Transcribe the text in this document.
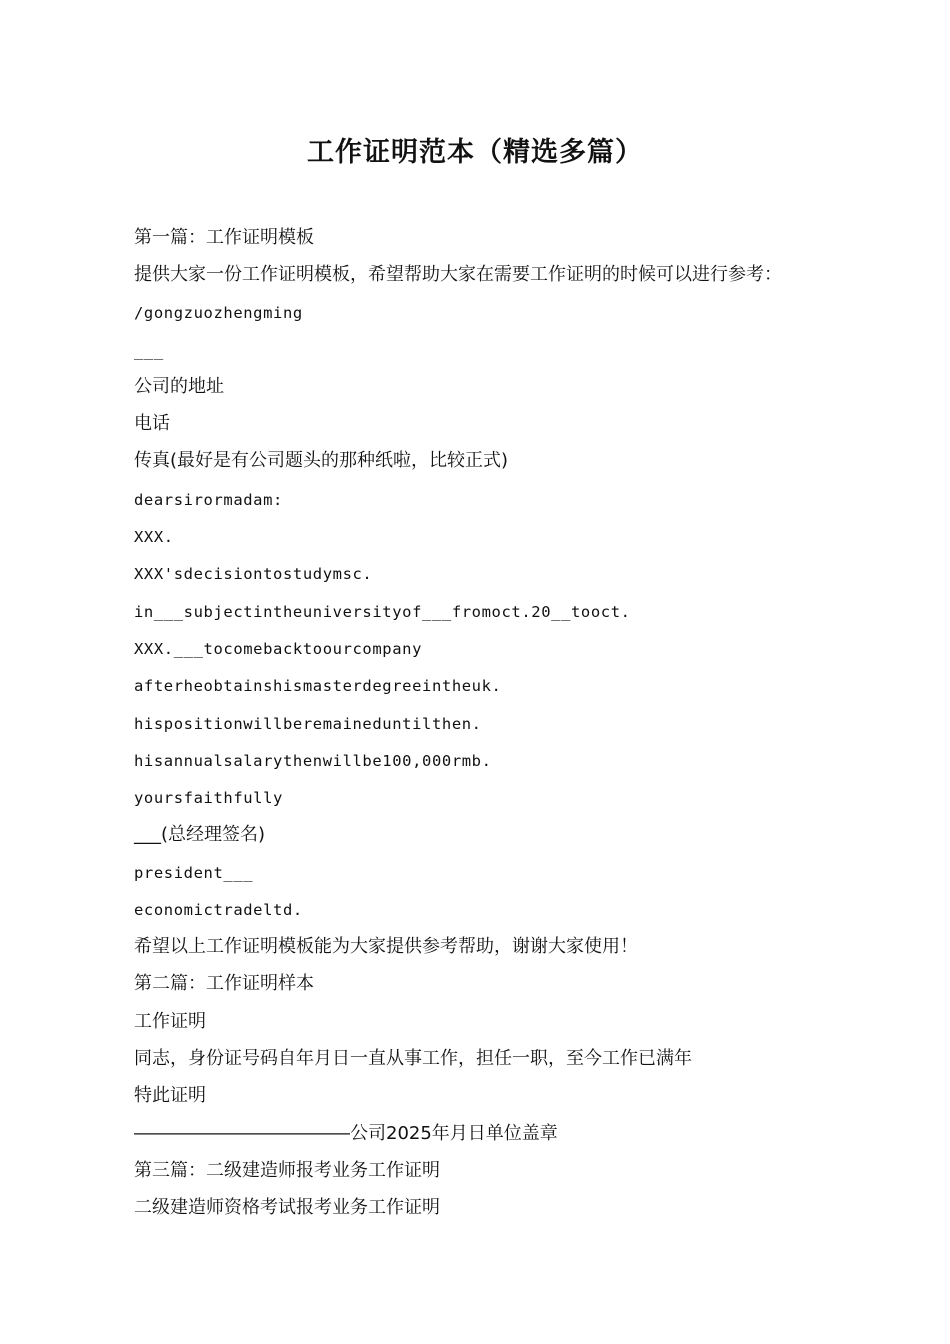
工作证明范本（精选多篇）

第一篇：工作证明模板

提供大家一份工作证明模板，希望帮助大家在需要工作证明的时候可以进行参考：

/gongzuozhengming

___

公司的地址

电话

传真(最好是有公司题头的那种纸啦，比较正式)

dearsirormadam:

XXX.

XXX'sdecisiontostudymsc.

in___subjectintheuniversityof___fromoct.20__tooct.

XXX.___tocomebacktoourcompany

afterheobtainshismasterdegreeintheuk.

hispositionwillberemaineduntilthen.

hisannualsalarythenwillbe100,000rmb.

yoursfaithfully

___(总经理签名)

president___

economictradeltd.

希望以上工作证明模板能为大家提供参考帮助，谢谢大家使用！

第二篇：工作证明样本

工作证明

同志，身份证号码自年月日一直从事工作，担任一职，至今工作已满年

特此证明

――――――――――――公司2025年月日单位盖章

第三篇：二级建造师报考业务工作证明

二级建造师资格考试报考业务工作证明
